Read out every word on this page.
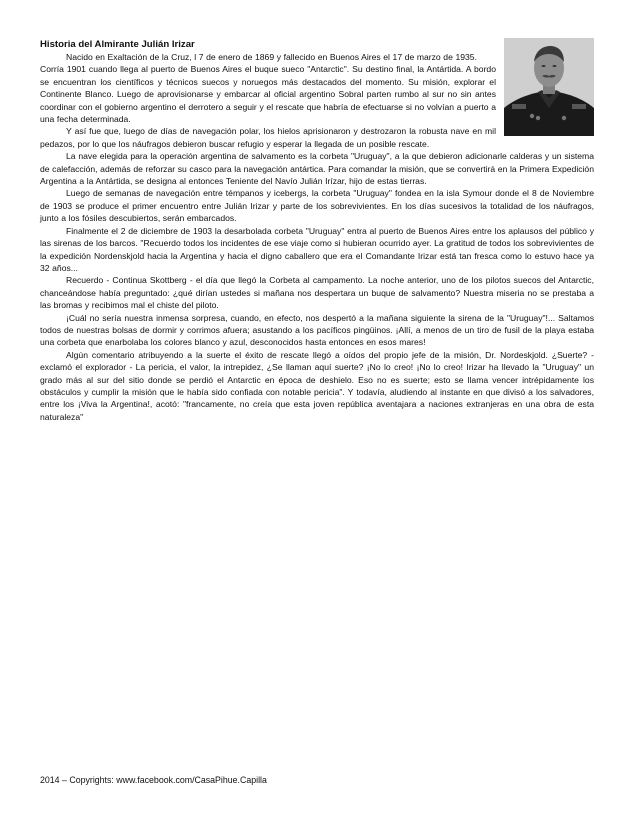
Historia del Almirante Julián Irizar

Nacido en Exaltación de la Cruz, l 7 de enero de 1869 y fallecido en Buenos Aires el 17 de marzo de 1935.

Corría 1901 cuando llega al puerto de Buenos Aires el buque sueco "Antarctic". Su destino final, la Antártida. A bordo se encuentran los científicos y técnicos suecos y noruegos más destacados del momento. Su misión, explorar el Continente Blanco. Luego de aprovisionarse y embarcar al oficial argentino Sobral parten rumbo al sur no sin antes coordinar con el gobierno argentino el derrotero a seguir y el rescate que habría de efectuarse si no volvían a puerto a una fecha determinada.

Y así fue que, luego de días de navegación polar, los hielos aprisionaron y destrozaron la robusta nave en mil pedazos, por lo que los náufragos debieron buscar refugio y esperar la llegada de un posible rescate.

La nave elegida para la operación argentina de salvamento es la corbeta "Uruguay", a la que debieron adicionarle calderas y un sistema de calefacción, además de reforzar su casco para la navegación antártica. Para comandar la misión, que se convertirá en la Primera Expedición Argentina a la Antártida, se designa al entonces Teniente del Navío Julián Irízar, hijo de estas tierras.

Luego de semanas de navegación entre témpanos y icebergs, la corbeta "Uruguay" fondea en la isla Symour donde el 8 de Noviembre de 1903 se produce el primer encuentro entre Julián Irizar y parte de los sobrevivientes. En los días sucesivos la totalidad de los náufragos, junto a los fósiles descubiertos, serán embarcados.

Finalmente el 2 de diciembre de 1903 la desarbolada corbeta "Uruguay" entra al puerto de Buenos Aires entre los aplausos del público y las sirenas de los barcos. "Recuerdo todos los incidentes de ese viaje como si hubieran ocurrido ayer. La gratitud de todos los sobrevivientes de la expedición Nordenskjold hacia la Argentina y hacia el digno caballero que era el Comandante Irizar está tan fresca como lo estuvo hace ya 32 años...

Recuerdo - Continua Skottberg - el día que llegó la Corbeta al campamento. La noche anterior, uno de los pilotos suecos del Antarctic, chanceándose había preguntado: ¿qué dirían ustedes si mañana nos despertara un buque de salvamento? Nuestra miseria no se prestaba a las bromas y recibimos mal el chiste del piloto.

¡Cuál no sería nuestra inmensa sorpresa, cuando, en efecto, nos despertó a la mañana siguiente la sirena de la "Uruguay"!... Saltamos todos de nuestras bolsas de dormir y corrimos afuera; asustando a los pacíficos pingüinos. ¡Allí, a menos de un tiro de fusil de la playa estaba una corbeta que enarbolaba los colores blanco y azul, desconocidos hasta entonces en esos mares!

Algún comentario atribuyendo a la suerte el éxito de rescate llegó a oídos del propio jefe de la misión, Dr. Nordeskjold. ¿Suerte? - exclamó el explorador - La pericia, el valor, la intrepidez, ¿Se llaman aquí suerte? ¡No lo creo! ¡No lo creo! Irizar ha llevado la "Uruguay" un grado más al sur del sitio donde se perdió el Antarctic en época de deshielo. Eso no es suerte; esto se llama vencer intrépidamente los obstáculos y cumplir la misión que le había sido confiada con notable pericia". Y todavía, aludiendo al instante en que divisó a los salvadores, entre los ¡Viva la Argentina!, acotó: "francamente, no creía que esta joven república aventajara a naciones extranjeras en una obra de esta naturaleza"

2014 – Copyrights: www.facebook.com/CasaPihue.Capilla
